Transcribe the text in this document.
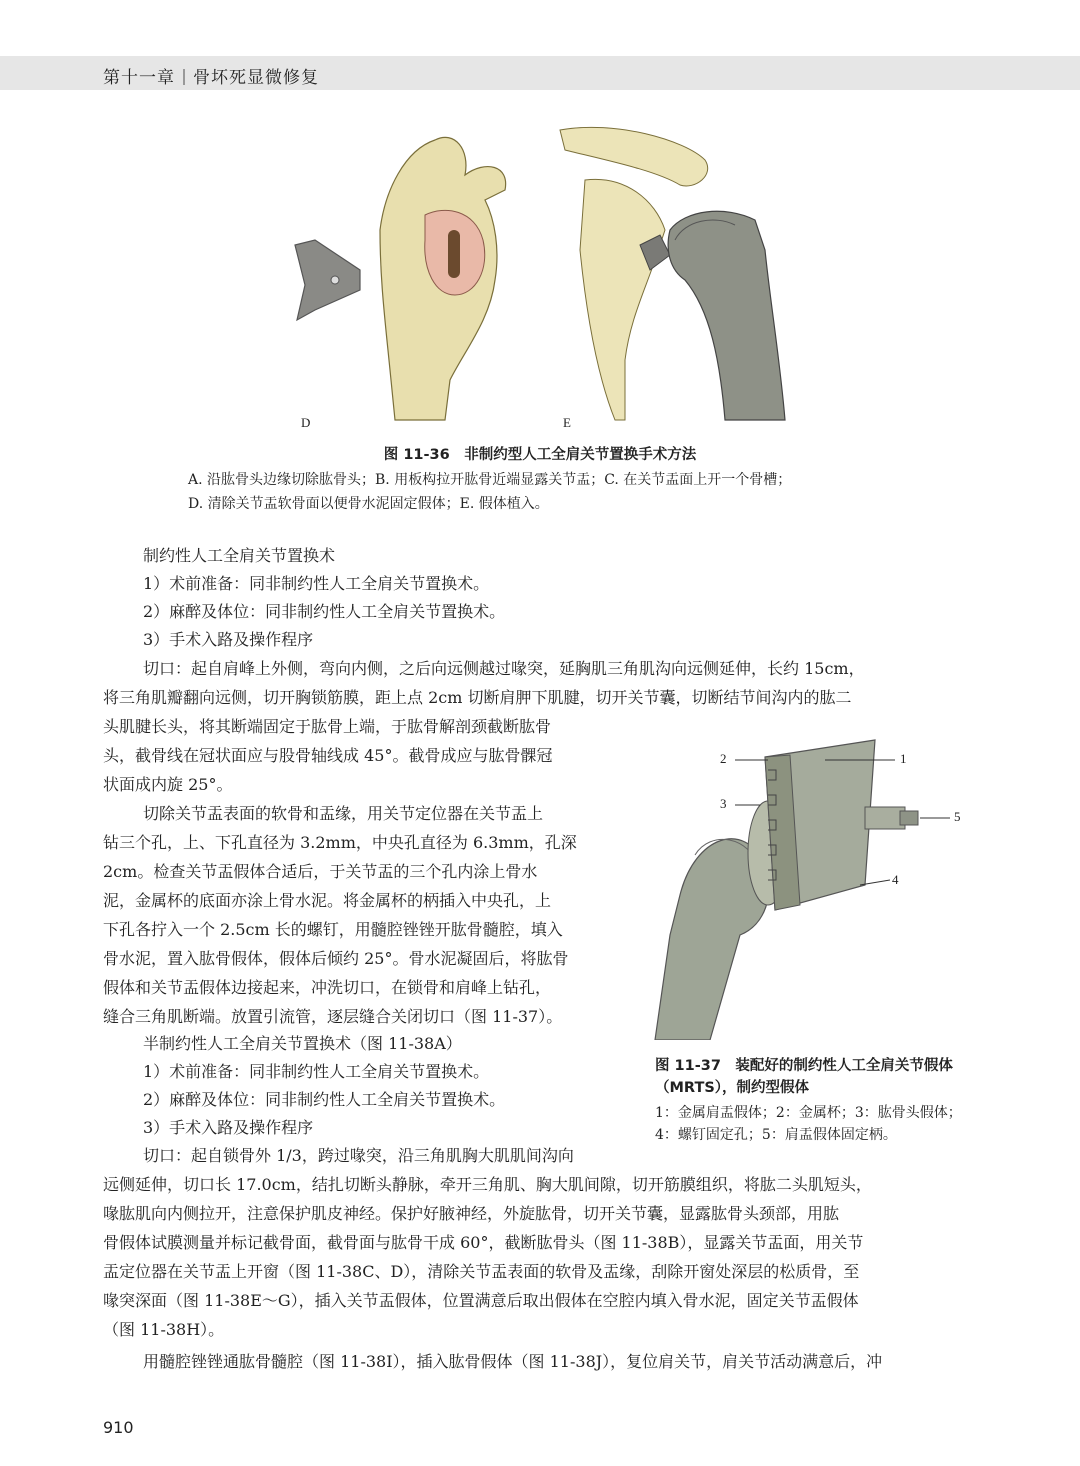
第十一章 骨坏死显微修复
D	E
图 11-36　非制约型人工全肩关节置换手术方法
A. 沿肱骨头边缘切除肱骨头；B. 用板构拉开肱骨近端显露关节盂；C. 在关节盂面上开一个骨槽；
D. 清除关节盂软骨面以便骨水泥固定假体；E. 假体植入。
制约性人工全肩关节置换术
1）术前准备：同非制约性人工全肩关节置换术。
2）麻醉及体位：同非制约性人工全肩关节置换术。
3）手术入路及操作程序
切口：起自肩峰上外侧，弯向内侧，之后向远侧越过喙突，延胸肌三角肌沟向远侧延伸，长约 15cm，
将三角肌瓣翻向远侧，切开胸锁筋膜，距上点 2cm 切断肩胛下肌腱，切开关节囊，切断结节间沟内的肱二
头肌腱长头，将其断端固定于肱骨上端，于肱骨解剖颈截断肱骨
头，截骨线在冠状面应与股骨轴线成 45°。截骨成应与肱骨髁冠
状面成内旋 25°。
切除关节盂表面的软骨和盂缘，用关节定位器在关节盂上
钻三个孔，上、下孔直径为 3.2mm，中央孔直径为 6.3mm，孔深
2cm。检查关节盂假体合适后，于关节盂的三个孔内涂上骨水
泥，金属杯的底面亦涂上骨水泥。将金属杯的柄插入中央孔，上
下孔各拧入一个 2.5cm 长的螺钉，用髓腔锉锉开肱骨髓腔，填入
骨水泥，置入肱骨假体，假体后倾约 25°。骨水泥凝固后，将肱骨
假体和关节盂假体边接起来，冲洗切口，在锁骨和肩峰上钻孔，
缝合三角肌断端。放置引流管，逐层缝合关闭切口（图 11-37）。
半制约性人工全肩关节置换术（图 11-38A）
1）术前准备：同非制约性人工全肩关节置换术。
2）麻醉及体位：同非制约性人工全肩关节置换术。
3）手术入路及操作程序
切口：起自锁骨外 1/3，跨过喙突，沿三角肌胸大肌肌间沟向
远侧延伸，切口长 17.0cm，结扎切断头静脉，牵开三角肌、胸大肌间隙，切开筋膜组织，将肱二头肌短头，
喙肱肌向内侧拉开，注意保护肌皮神经。保护好腋神经，外旋肱骨，切开关节囊，显露肱骨头颈部，用肱
骨假体试膜测量并标记截骨面，截骨面与肱骨干成 60°，截断肱骨头（图 11-38B），显露关节盂面，用关节
盂定位器在关节盂上开窗（图 11-38C、D），清除关节盂表面的软骨及盂缘，刮除开窗处深层的松质骨，至
喙突深面（图 11-38E～G），插入关节盂假体，位置满意后取出假体在空腔内填入骨水泥，固定关节盂假体
（图 11-38H）。
用髓腔锉锉通肱骨髓腔（图 11-38I），插入肱骨假体（图 11-38J），复位肩关节，肩关节活动满意后，冲
1
2
3
4
5
图 11-37　装配好的制约性人工全肩关节假体（MRTS），制约型假体
1：金属肩盂假体；2：金属杯；3：肱骨头假体；4：螺钉固定孔；5：肩盂假体固定柄。
910
